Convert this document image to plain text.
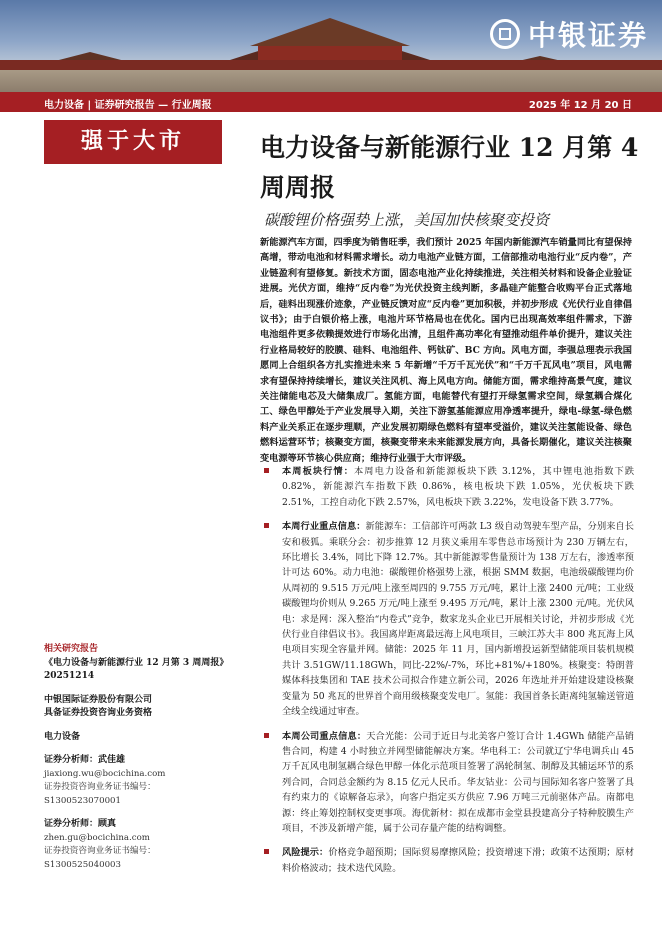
中银证券
电力设备 | 证券研究报告 — 行业周报	2025 年 12 月 20 日
强于大市	电力设备与新能源行业 12 月第 4 周周报
碳酸锂价格强势上涨，美国加快核聚变投资
新能源汽车方面，四季度为销售旺季，我们预计 2025 年国内新能源汽车销量同比有望保持高增，带动电池和材料需求增长。动力电池产业链方面，工信部推动电池行业“反内卷”，产业链盈利有望修复。新技术方面，固态电池产业化持续推进，关注相关材料和设备企业验证进展。光伏方面，维持“反内卷”为光伏投资主线判断，多晶硅产能整合收购平台正式落地后，硅料出现涨价迹象，产业链反馈对应“反内卷”更加积极，并初步形成《光伏行业自律倡议书》；由于白银价格上涨，电池片环节格局也在优化。国内已出现高效率组件需求，下游电池组件更多依赖提效进行市场化出清，且组件高功率化有望推动组件单价提升，建议关注行业格局较好的胶膜、硅料、电池组件、钙钛矿、BC 方向。风电方面，李强总理表示我国愿同上合组织各方扎实推进未来 5 年新增“千万千瓦光伏”和“千万千瓦风电”项目，风电需求有望保持持续增长，建议关注风机、海上风电方向。储能方面，需求维持高景气度，建议关注储能电芯及大储集成厂。氢能方面，电能替代有望打开绿氢需求空间，绿氢耦合煤化工、绿色甲醇处于产业发展导入期，关注下游氢基能源应用净透率提升，绿电-绿氢-绿色燃料产业关系正在逐步理顺，产业发展初期绿色燃料有望率受溢价，建议关注氢能设备、绿色燃料运营环节；核聚变方面，核聚变带来未来能源发展方向，具备长期催化，建议关注核聚变电源等环节核心供应商；维持行业强于大市评级。
本周板块行情：本周电力设备和新能源板块下跌 3.12%，其中锂电池指数下跌 0.82%，新能源汽车指数下跌 0.86%，核电板块下跌 1.05%，光伏板块下跌 2.51%，工控自动化下跌 2.57%，风电板块下跌 3.22%，发电设备下跌 3.77%。
本周行业重点信息：新能源车：工信部许可两款 L3 级自动驾驶车型产品，分别来自长安和极狐。乘联分会：初步推算 12 月狭义乘用车零售总市场预计为 230 万辆左右，环比增长 3.4%，同比下降 12.7%。其中新能源零售量预计为 138 万左右，渗透率预计可达 60%。动力电池：碳酸锂价格强势上涨，根据 SMM 数据，电池级碳酸锂均价从周初的 9.515 万元/吨上涨至周四的 9.755 万元/吨，累计上涨 2400 元/吨；工业级碳酸锂均价则从 9.265 万元/吨上涨至 9.495 万元/吨，累计上涨 2300 元/吨。光伏风电：求是网：深入整治“内卷式”竞争，数家龙头企业已开展相关讨论，并初步形成《光伏行业自律倡议书》。我国离岸距离最远海上风电项目，三峡江苏大丰 800 兆瓦海上风电项目实现全容量并网。储能：2025 年 11 月，国内新增投运新型储能项目装机规模共计 3.51GW/11.18GWh，同比-22%/-7%，环比+81%/+180%。核聚变：特朗普媒体科技集团和 TAE 技术公司拟合作建立新公司，2026 年选址并开始建设建设核聚变量为 50 兆瓦的世界首个商用级核聚变发电厂。氢能：我国首条长距离纯氢输送管道全线全线通过审查。
本周公司重点信息：天合光能：公司于近日与北美客户签订合计 1.4GWh 储能产品销售合同，构建 4 小时独立并网型储能解决方案。华电科工：公司就辽宁华电调兵山 45 万千瓦风电制氢耦合绿色甲醇一体化示范项目签署了涡轮制氢、制醇及其辅运环节的系列合同，合同总金额约为 8.15 亿元人民币。华友钴业：公司与国际知名客户签署了具有约束力的《谅解备忘录》，向客户指定买方供应 7.96 万吨三元前驱体产品。南都电源：终止筹划控制权变更事项。海优新材：拟在成都市金堂县投建高分子特种胶膜生产项目，不涉及新增产能，属于公司存量产能的结构调整。
风险提示：价格竞争超预期；国际贸易摩擦风险；投资增速下滑；政策不达预期；原材料价格波动；技术迭代风险。
相关研究报告
《电力设备与新能源行业 12 月第 3 周周报》
20251214
中银国际证券股份有限公司
具备证券投资咨询业务资格
电力设备
证券分析师：武佳雄
jiaxiong.wu@bocichina.com
证券投资咨询业务证书编号：S1300523070001
证券分析师：顾真
zhen.gu@bocichina.com
证券投资咨询业务证书编号：S1300525040003
